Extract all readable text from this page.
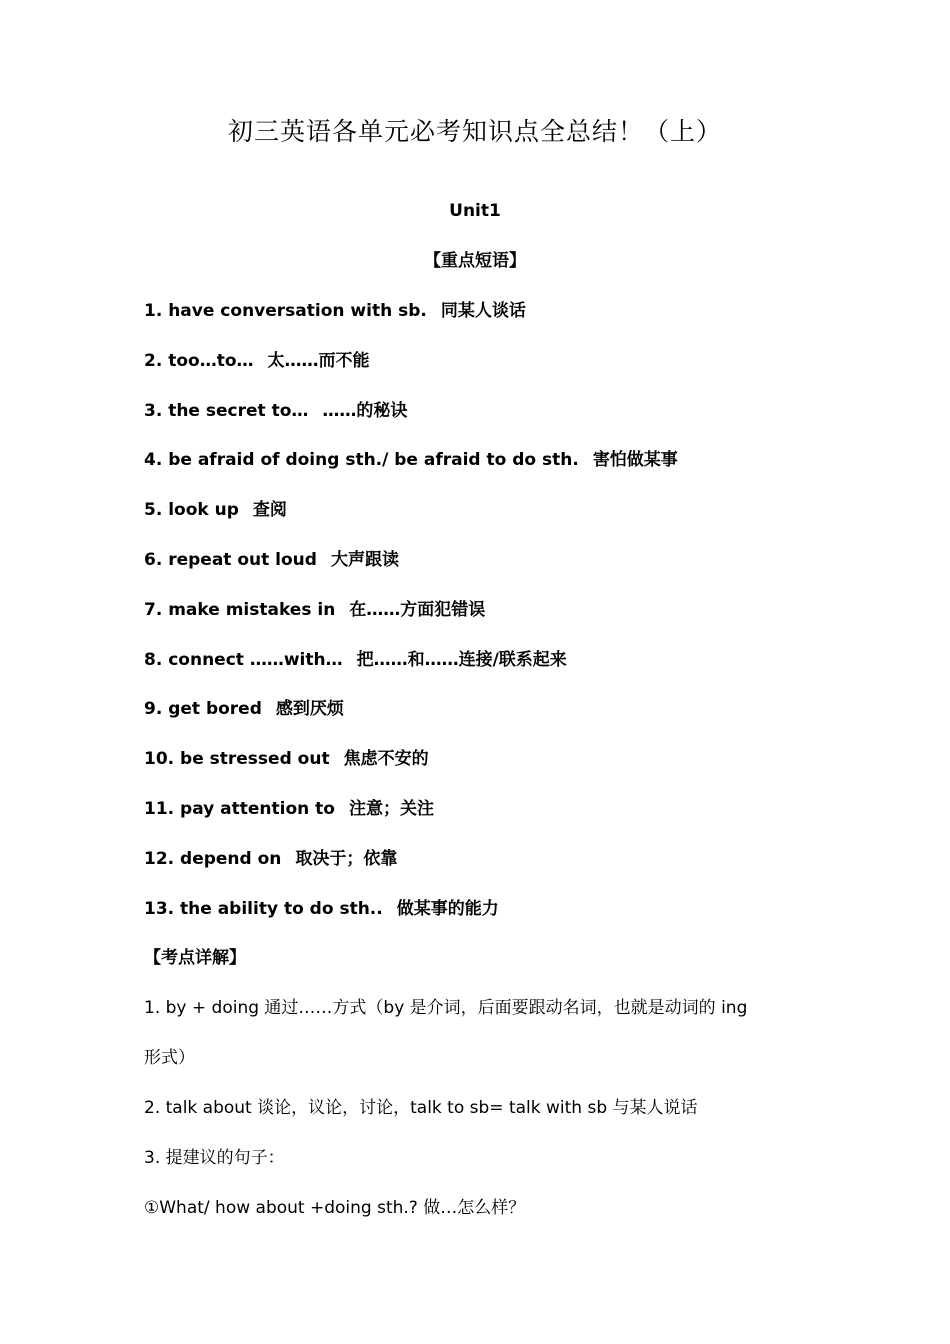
初三英语各单元必考知识点全总结！（上）
Unit1
【重点短语】
1. have conversation with sb. 同某人谈话
2. too…to… 太……而不能
3. the secret to… ……的秘诀
4. be afraid of doing sth./ be afraid to do sth. 害怕做某事
5. look up 查阅
6. repeat out loud 大声跟读
7. make mistakes in 在……方面犯错误
8. connect ……with… 把……和……连接/联系起来
9. get bored 感到厌烦
10. be stressed out 焦虑不安的
11. pay attention to 注意；关注
12. depend on 取决于；依靠
13. the ability to do sth.. 做某事的能力
【考点详解】
1. by + doing 通过……方式（by 是介词，后面要跟动名词，也就是动词的 ing
形式）
2. talk about 谈论，议论，讨论，talk to sb= talk with sb 与某人说话
3. 提建议的句子：
①What/ how about +doing sth.? 做…怎么样？
